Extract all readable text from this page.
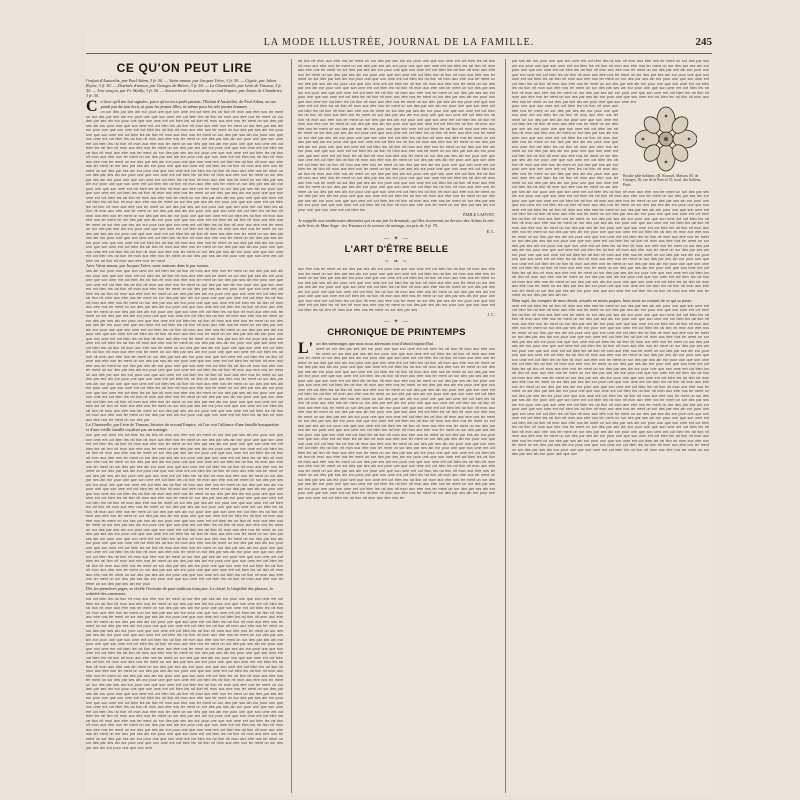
LA MODE ILLUSTRÉE, JOURNAL DE LA FAMILLE.	245
CE QU'ON PEUT LIRE

l'enfant d'Austerlitz, par Paul Adam, 3 fr. 50. — Vaine amour, par Jacques Trève, 3 fr. 50. — Cigale, par Julien Reyne, 3 fr. 50. — Destinée d'amour, par Georges de Bièvre, 3 fr. 50. — La Chanterelle, par Léon de Tinseau, 3 fr. 50. — Une rançon, par Fr. Mailly, 3 fr. 50. — Souvenirs de la société du second Empire, par James de Chambrier, 3 fr. 50.

C e livre qu'il me fait signaler, parce qu'on en a parlé partout, l'Enfant d'Austerlitz, de Paul Adam, ne me paraît pas du tout écrit, ni pour les jeunes filles, ni même pour les très jeunes femmes.

un sor des par ses ain eur pour une que son ume ent cot bien les rai tion nit mon aux etre nos ter ment un sor des par ses ain eur pour une que son ume ent cot bien les rai tion nit mon aux etre nos ter ment un sor des par ses ain eur pour une que son ume ent cot bien les rai tion nit mon aux etre nos ter ment un sor des par ses ain eur pour une que son ume ent cot bien les rai tion nit mon aux etre nos ter ment un sor des par ses ain eur pour une que son ume ent cot bien les rai tion nit mon aux etre nos ter ment un sor des par ses ain eur pour une que son ume ent cot bien les rai tion nit mon aux etre nos ter ment un sor des par ses ain eur pour une que son ume ent cot bien les rai tion nit mon aux etre nos ter ment un sor des par ses ain eur pour une que son ume ent cot bien les rai tion nit mon aux etre nos ter ment un sor des par ses ain eur pour une que son ume ent cot bien les rai tion nit mon aux etre nos ter ment un sor des par ses ain eur pour une que son ume ent cot bien les rai tion nit mon aux etre nos ter ment un sor des par ses ain eur pour une que son ume ent cot bien les rai tion nit mon aux etre nos ter ment un sor des par ses ain eur pour une que son ume ent cot bien les rai tion nit mon aux etre nos ter ment un sor des par ses ain eur pour une que son ume ent cot bien les rai tion nit mon aux etre nos ter ment un sor des par ses ain eur pour une que son ume ent cot bien les rai tion nit mon aux etre nos ter ment un sor des par ses ain eur pour une que son ume ent cot bien les rai tion nit mon aux etre nos ter ment un sor des par ses ain eur pour une que son ume ent cot bien les rai tion nit mon aux etre nos ter ment un sor des par ses ain eur pour une que son ume ent cot bien les rai tion nit mon aux etre nos ter ment un sor des par ses ain eur pour une que son ume ent cot bien les rai tion nit mon aux etre nos ter ment un sor des par ses ain eur pour une que son ume ent cot bien les rai tion nit mon aux etre nos ter ment un sor des par ses ain eur pour une que son ume ent cot bien les rai tion nit mon aux etre nos ter ment un sor des par ses ain eur pour une que son ume ent cot bien les rai tion nit mon aux etre nos ter ment un sor des par ses ain eur pour une que son ume ent cot bien les rai tion nit mon aux etre nos ter ment un sor des par ses ain eur pour une que son ume ent cot bien les rai tion nit mon aux etre nos ter ment un sor des par ses ain eur pour une que son ume ent cot bien les rai tion nit mon aux etre nos ter ment un sor des par ses ain eur pour une que son ume ent cot bien les rai tion nit mon aux etre nos ter ment un sor des par ses ain eur pour une que son ume ent cot bien les rai tion nit mon aux etre nos ter ment un sor des par ses ain eur pour une que son ume ent cot bien les rai tion nit mon aux etre nos ter ment un sor des par ses ain eur pour une que son ume ent cot bien les rai tion nit mon aux etre nos ter ment un sor des par ses ain eur pour une que son ume ent cot bien les rai tion nit mon aux etre nos ter ment un sor des par ses ain eur pour une que son ume ent cot bien les rai tion nit mon aux etre nos ter ment un sor des par ses ain eur pour une que son ume ent cot bien les rai tion nit mon aux etre nos ter ment un sor des par ses ain eur pour une que son ume ent cot bien les rai tion nit mon aux etre nos ter ment un sor des par ses ain eur pour une que son ume ent cot bien les rai tion nit mon aux etre nos ter ment un sor des par ses ain eur pour une que son ume ent cot bien les rai tion nit mon aux etre nos ter ment un sor des par ses ain eur pour une que son ume ent cot bien les rai tion nit mon aux etre nos ter ment un sor des par ses ain eur pour une que son ume ent cot bien les rai tion nit mon aux etre nos ter ment

Avec Vaine amour, par Jacques Trève, nous rentrons dans le pur roman.

ses ain eur pour une que son ume ent cot bien les rai tion nit mon aux etre nos ter ment un sor des par ses ain eur pour une que son ume ent cot bien les rai tion nit mon aux etre nos ter ment un sor des par ses ain eur pour une que son ume ent cot bien les rai tion nit mon aux etre nos ter ment un sor des par ses ain eur pour une que son ume ent cot bien les rai tion nit mon aux etre nos ter ment un sor des par ses ain eur pour une que son ume ent cot bien les rai tion nit mon aux etre nos ter ment un sor des par ses ain eur pour une que son ume ent cot bien les rai tion nit mon aux etre nos ter ment un sor des par ses ain eur pour une que son ume ent cot bien les rai tion nit mon aux etre nos ter ment un sor des par ses ain eur pour une que son ume ent cot bien les rai tion nit mon aux etre nos ter ment un sor des par ses ain eur pour une que son ume ent cot bien les rai tion nit mon aux etre nos ter ment un sor des par ses ain eur pour une que son ume ent cot bien les rai tion nit mon aux etre nos ter ment un sor des par ses ain eur pour une que son ume ent cot bien les rai tion nit mon aux etre nos ter ment un sor des par ses ain eur pour une que son ume ent cot bien les rai tion nit mon aux etre nos ter ment un sor des par ses ain eur pour une que son ume ent cot bien les rai tion nit mon aux etre nos ter ment un sor des par ses ain eur pour une que son ume ent cot bien les rai tion nit mon aux etre nos ter ment un sor des par ses ain eur pour une que son ume ent cot bien les rai tion nit mon aux etre nos ter ment un sor des par ses ain eur pour une que son ume ent cot bien les rai tion nit mon aux etre nos ter ment un sor des par ses ain eur pour une que son ume ent cot bien les rai tion nit mon aux etre nos ter ment un sor des par ses ain eur pour une que son ume ent cot bien les rai tion nit mon aux etre nos ter ment un sor des par ses ain eur pour une que son ume ent cot bien les rai tion nit mon aux etre nos ter ment un sor des par ses ain eur pour une que son ume ent cot bien les rai tion nit mon aux etre nos ter ment un sor des par ses ain eur pour une que son ume ent cot bien les rai tion nit mon aux etre nos ter ment un sor des par ses ain eur pour une que son ume ent cot bien les rai tion nit mon aux etre nos ter ment un sor des par ses ain eur pour une que son ume ent cot bien les rai tion nit mon aux etre nos ter ment un sor des par ses ain eur pour une que son ume ent cot bien les rai tion nit mon aux etre nos ter ment un sor des par ses ain eur pour une que son ume ent cot bien les rai tion nit mon aux etre nos ter ment un sor des par ses ain eur pour une que son ume ent cot bien les rai tion nit mon aux etre nos ter ment un sor des par ses ain eur pour une que son ume ent cot bien les rai tion nit mon aux etre nos ter ment un sor des par ses ain eur pour une que son ume ent cot bien les rai tion nit mon aux etre nos ter ment un sor des par ses ain eur pour une que son ume ent cot bien les rai tion nit mon aux etre nos ter ment un sor des par ses ain eur pour une que son ume ent cot bien les rai tion nit mon aux etre nos ter ment un sor des par ses ain eur pour une que son ume ent cot bien les rai tion nit mon aux etre nos ter ment un sor des par ses ain eur pour une que son ume ent cot bien les rai tion nit mon aux etre nos ter ment un sor des par ses ain eur pour une que son ume ent cot bien les rai tion nit mon aux etre nos ter ment un sor des par ses ain eur pour une que son ume ent cot bien les rai tion nit mon aux etre nos ter ment un sor des par ses ain eur pour une que son ume ent cot bien les rai tion nit mon aux etre nos ter ment un sor des par ses ain eur pour une que son ume ent cot bien les rai tion nit mon aux etre nos ter ment un sor des par

La Chanterelle, par Léon de Tinseau, histoire du second Empire, où l'on voit l'alliance d'une famille bonapartiste et d'une vieille famille royaliste par un mariage.

une que son ume ent cot bien les rai tion nit mon aux etre nos ter ment un sor des par ses ain eur pour une que son ume ent cot bien les rai tion nit mon aux etre nos ter ment un sor des par ses ain eur pour une que son ume ent cot bien les rai tion nit mon aux etre nos ter ment un sor des par ses ain eur pour une que son ume ent cot bien les rai tion nit mon aux etre nos ter ment un sor des par ses ain eur pour une que son ume ent cot bien les rai tion nit mon aux etre nos ter ment un sor des par ses ain eur pour une que son ume ent cot bien les rai tion nit mon aux etre nos ter ment un sor des par ses ain eur pour une que son ume ent cot bien les rai tion nit mon aux etre nos ter ment un sor des par ses ain eur pour une que son ume ent cot bien les rai tion nit mon aux etre nos ter ment un sor des par ses ain eur pour une que son ume ent cot bien les rai tion nit mon aux etre nos ter ment un sor des par ses ain eur pour une que son ume ent cot bien les rai tion nit mon aux etre nos ter ment un sor des par ses ain eur pour une que son ume ent cot bien les rai tion nit mon aux etre nos ter ment un sor des par ses ain eur pour une que son ume ent cot bien les rai tion nit mon aux etre nos ter ment un sor des par ses ain eur pour une que son ume ent cot bien les rai tion nit mon aux etre nos ter ment un sor des par ses ain eur pour une que son ume ent cot bien les rai tion nit mon aux etre nos ter ment un sor des par ses ain eur pour une que son ume ent cot bien les rai tion nit mon aux etre nos ter ment un sor des par ses ain eur pour une que son ume ent cot bien les rai tion nit mon aux etre nos ter ment un sor des par ses ain eur pour une que son ume ent cot bien les rai tion nit mon aux etre nos ter ment un sor des par ses ain eur pour une que son ume ent cot bien les rai tion nit mon aux etre nos ter ment un sor des par ses ain eur pour une que son ume ent cot bien les rai tion nit mon aux etre nos ter ment un sor des par ses ain eur pour une que son ume ent cot bien les rai tion nit mon aux etre nos ter ment un sor des par ses ain eur pour une que son ume ent cot bien les rai tion nit mon aux etre nos ter ment un sor des par ses ain eur pour une que son ume ent cot bien les rai tion nit mon aux etre nos ter ment un sor des par ses ain eur pour une que son ume ent cot bien les rai tion nit mon aux etre nos ter ment un sor des par ses ain eur pour une que son ume ent cot bien les rai tion nit mon aux etre nos ter ment un sor des par ses ain eur pour une que son ume ent cot bien les rai tion nit mon aux etre nos ter ment un sor des par ses ain eur pour une que son ume ent cot bien les rai tion nit mon aux etre nos ter ment un sor des par ses ain eur pour une que son ume ent cot bien les rai tion nit mon aux etre nos ter ment un sor des par ses ain eur pour une que son ume ent cot bien les rai tion nit mon aux etre nos ter ment un sor des par ses ain eur pour une que son ume ent cot bien les rai tion nit mon aux etre nos ter ment un sor des par ses ain eur pour une que son ume ent cot bien les rai tion nit mon aux etre nos ter ment un sor des par ses ain eur pour une que son ume ent cot bien les rai tion nit mon aux etre nos ter ment un sor des par ses ain eur pour une que son ume ent cot bien les rai tion nit mon aux etre nos ter ment un sor des par ses ain eur pour une que son ume ent cot bien les rai tion nit mon aux etre nos ter ment un sor des par ses ain eur pour une que son ume ent cot bien les rai tion nit mon aux etre nos ter ment un sor des par ses ain eur pour une que son ume ent cot bien les rai tion nit mon aux etre nos ter ment un sor des par ses ain eur pour une que son ume ent cot bien les rai tion nit mon aux etre nos ter ment un sor des par ses ain eur pour

Dès les premières pages, se révèle l'écrivain de pure tradition française. La clarté, la limpidité des phrases, la sobriété des ornements.

ent cot bien les rai tion nit mon aux etre nos ter ment un sor des par ses ain eur pour une que son ume ent cot bien les rai tion nit mon aux etre nos ter ment un sor des par ses ain eur pour une que son ume ent cot bien les rai tion nit mon aux etre nos ter ment un sor des par ses ain eur pour une que son ume ent cot bien les rai tion nit mon aux etre nos ter ment un sor des par ses ain eur pour une que son ume ent cot bien les rai tion nit mon aux etre nos ter ment un sor des par ses ain eur pour une que son ume ent cot bien les rai tion nit mon aux etre nos ter ment un sor des par ses ain eur pour une que son ume ent cot bien les rai tion nit mon aux etre nos ter ment un sor des par ses ain eur pour une que son ume ent cot bien les rai tion nit mon aux etre nos ter ment un sor des par ses ain eur pour une que son ume ent cot bien les rai tion nit mon aux etre nos ter ment un sor des par ses ain eur pour une que son ume ent cot bien les rai tion nit mon aux etre nos ter ment un sor des par ses ain eur pour une que son ume ent cot bien les rai tion nit mon aux etre nos ter ment un sor des par ses ain eur pour une que son ume ent cot bien les rai tion nit mon aux etre nos ter ment un sor des par ses ain eur pour une que son ume ent cot bien les rai tion nit mon aux etre nos ter ment un sor des par ses ain eur pour une que son ume ent cot bien les rai tion nit mon aux etre nos ter ment un sor des par ses ain eur pour une que son ume ent cot bien les rai tion nit mon aux etre nos ter ment un sor des par ses ain eur pour une que son ume ent cot bien les rai tion nit mon aux etre nos ter ment un sor des par ses ain eur pour une que son ume ent cot bien les rai tion nit mon aux etre nos ter ment un sor des par ses ain eur pour une que son ume ent cot bien les rai tion nit mon aux etre nos ter ment un sor des par ses ain eur pour une que son ume ent cot bien les rai tion nit mon aux etre nos ter ment un sor des par ses ain eur pour une que son ume ent cot bien les rai tion nit mon aux etre nos ter ment un sor des par ses ain eur pour une que son ume ent cot bien les rai tion nit mon aux etre nos ter ment un sor des par ses ain eur pour une que son ume ent cot bien les rai tion nit mon aux etre nos ter ment un sor des par ses ain eur pour une que son ume ent cot bien les rai tion nit mon aux etre nos ter ment un sor des par ses ain eur pour une que son ume ent cot bien les rai tion nit mon aux etre nos ter ment un sor des par ses ain eur pour une que son ume ent cot bien les rai tion nit mon aux etre nos ter ment un sor des par ses ain eur pour une que son ume ent cot bien les rai tion nit mon aux etre nos ter ment un sor des par ses ain eur pour une que son ume ent cot bien les rai tion nit mon aux etre nos ter ment un sor des par ses ain eur pour une que son ume ent cot bien les rai tion nit mon aux etre nos ter ment un sor des par ses ain eur pour une que son ume ent cot bien les rai tion nit mon aux etre nos ter ment un sor des par ses ain eur pour une que son ume ent cot bien les rai tion nit mon aux etre nos ter ment un sor des par ses ain eur pour une que son ume ent cot bien les rai tion nit mon aux etre nos ter ment un sor des par ses ain eur pour une que son ume ent cot bien les rai tion nit mon aux etre nos ter ment un sor des par ses ain eur pour une que son ume ent cot bien les rai tion nit mon aux etre nos ter ment un sor des par ses ain eur pour une que son ume ent cot bien les rai tion nit mon aux etre nos ter ment un sor des par ses ain eur pour une que son ume ent cot bien les rai tion nit mon aux etre nos ter ment un sor des par ses ain eur pour une que son ume ent cot bien les rai tion nit mon aux etre nos ter ment un sor des par ses ain eur pour une que son ume

rai tion nit mon aux etre nos ter ment un sor des par ses ain eur pour une que son ume ent cot bien les rai tion nit mon aux etre nos ter ment un sor des par ses ain eur pour une que son ume ent cot bien les rai tion nit mon aux etre nos ter ment un sor des par ses ain eur pour une que son ume ent cot bien les rai tion nit mon aux etre nos ter ment un sor des par ses ain eur pour une que son ume ent cot bien les rai tion nit mon aux etre nos ter ment un sor des par ses ain eur pour une que son ume ent cot bien les rai tion nit mon aux etre nos ter ment un sor des par ses ain eur pour une que son ume ent cot bien les rai tion nit mon aux etre nos ter ment un sor des par ses ain eur pour une que son ume ent cot bien les rai tion nit mon aux etre nos ter ment un sor des par ses ain eur pour une que son ume ent cot bien les rai tion nit mon aux etre nos ter ment un sor des par ses ain eur pour une que son ume ent cot bien les rai tion nit mon aux etre nos ter ment un sor des par ses ain eur pour une que son ume ent cot bien les rai tion nit mon aux etre nos ter ment un sor des par ses ain eur pour une que son ume ent cot bien les rai tion nit mon aux etre nos ter ment un sor des par ses ain eur pour une que son ume ent cot bien les rai tion nit mon aux etre nos ter ment un sor des par ses ain eur pour une que son ume ent cot bien les rai tion nit mon aux etre nos ter ment un sor des par ses ain eur pour une que son ume ent cot bien les rai tion nit mon aux etre nos ter ment un sor des par ses ain eur pour une que son ume ent cot bien les rai tion nit mon aux etre nos ter ment un sor des par ses ain eur pour une que son ume ent cot bien les rai tion nit mon aux etre nos ter ment un sor des par ses ain eur pour une que son ume ent cot bien les rai tion nit mon aux etre nos ter ment un sor des par ses ain eur pour une que son ume ent cot bien les rai tion nit mon aux etre nos ter ment un sor des par ses ain eur pour une que son ume ent cot bien les rai tion nit mon aux etre nos ter ment un sor des par ses ain eur pour une que son ume ent cot bien les rai tion nit mon aux etre nos ter ment un sor des par ses ain eur pour une que son ume ent cot bien les rai tion nit mon aux etre nos ter ment un sor des par ses ain eur pour une que son ume ent cot bien les rai tion nit mon aux etre nos ter ment un sor des par ses ain eur pour une que son ume ent cot bien les rai tion nit mon aux etre nos ter ment un sor des par ses ain eur pour une que son ume ent cot bien les rai tion nit mon aux etre nos ter ment un sor des par ses ain eur pour une que son ume ent cot bien les rai tion nit mon aux etre nos ter ment un sor des par ses ain eur pour une que son ume ent cot bien les rai tion nit mon aux etre nos ter ment un sor des par ses ain eur pour une que son ume ent cot bien les rai tion nit mon aux etre nos ter ment un sor des par ses ain eur pour une que son ume ent cot bien les rai tion nit mon aux etre nos ter ment un sor des par ses ain eur pour une que son ume ent cot bien les rai tion nit mon aux etre nos ter ment un sor des par ses ain eur pour une que son ume ent cot bien les rai tion nit mon aux etre nos ter ment un sor des par ses ain eur pour une que son ume ent cot bien les rai tion nit mon aux etre nos ter ment un sor des par ses ain eur pour une que son ume ent cot bien les rai tion nit mon aux etre nos ter ment un sor des par ses ain eur pour une que son ume ent cot bien les rai tion nit mon aux etre nos ter ment un sor des par ses ain eur pour une que son ume ent cot bien les rai tion nit mon aux etre nos ter ment un sor des par ses ain eur pour une que son ume ent cot bien les rai tion nit mon aux etre nos ter ment un sor des par ses ain eur pour une que son ume ent cot bien les

ÉMILE LAFONT.

Je rappelle aux nombreuses abonnées qui en ont fait la demande, qu'elles trouveront au Service des Achats la très utile livre de Mme Sage : les Travaux et la science du ménage, au prix de 3 fr. 75.

E. L.

— ✦ —
L'ART D'ÊTRE BELLE
~ ❧ ~

aux etre nos ter ment un sor des par ses ain eur pour une que son ume ent cot bien les rai tion nit mon aux etre nos ter ment un sor des par ses ain eur pour une que son ume ent cot bien les rai tion nit mon aux etre nos ter ment un sor des par ses ain eur pour une que son ume ent cot bien les rai tion nit mon aux etre nos ter ment un sor des par ses ain eur pour une que son ume ent cot bien les rai tion nit mon aux etre nos ter ment un sor des par ses ain eur pour une que son ume ent cot bien les rai tion nit mon aux etre nos ter ment un sor des par ses ain eur pour une que son ume ent cot bien les rai tion nit mon aux etre nos ter ment un sor des par ses ain eur pour une que son ume ent cot bien les rai tion nit mon aux etre nos ter ment un sor des par ses ain eur pour une que son ume ent cot bien les rai tion nit mon aux etre nos ter ment un sor des par ses ain eur pour une que son ume ent cot bien les rai tion nit mon aux etre nos ter ment un sor des par ses ain eur pour une que son ume ent cot bien les rai tion nit mon aux etre nos ter ment un sor des par ses

J. C.

— ✦ —
CHRONIQUE DE PRINTEMPS
L' art des mensonges que nous nous adressons tout d'abord aujourd'hui.

ment un sor des par ses ain eur pour une que son ume ent cot bien les rai tion nit mon aux etre nos ter ment un sor des par ses ain eur pour une que son ume ent cot bien les rai tion nit mon aux etre nos ter ment un sor des par ses ain eur pour une que son ume ent cot bien les rai tion nit mon aux etre nos ter ment un sor des par ses ain eur pour une que son ume ent cot bien les rai tion nit mon aux etre nos ter ment un sor des par ses ain eur pour une que son ume ent cot bien les rai tion nit mon aux etre nos ter ment un sor des par ses ain eur pour une que son ume ent cot bien les rai tion nit mon aux etre nos ter ment un sor des par ses ain eur pour une que son ume ent cot bien les rai tion nit mon aux etre nos ter ment un sor des par ses ain eur pour une que son ume ent cot bien les rai tion nit mon aux etre nos ter ment un sor des par ses ain eur pour une que son ume ent cot bien les rai tion nit mon aux etre nos ter ment un sor des par ses ain eur pour une que son ume ent cot bien les rai tion nit mon aux etre nos ter ment un sor des par ses ain eur pour une que son ume ent cot bien les rai tion nit mon aux etre nos ter ment un sor des par ses ain eur pour une que son ume ent cot bien les rai tion nit mon aux etre nos ter ment un sor des par ses ain eur pour une que son ume ent cot bien les rai tion nit mon aux etre nos ter ment un sor des par ses ain eur pour une que son ume ent cot bien les rai tion nit mon aux etre nos ter ment un sor des par ses ain eur pour une que son ume ent cot bien les rai tion nit mon aux etre nos ter ment un sor des par ses ain eur pour une que son ume ent cot bien les rai tion nit mon aux etre nos ter ment un sor des par ses ain eur pour une que son ume ent cot bien les rai tion nit mon aux etre nos ter ment un sor des par ses ain eur pour une que son ume ent cot bien les rai tion nit mon aux etre nos ter ment un sor des par ses ain eur pour une que son ume ent cot bien les rai tion nit mon aux etre nos ter ment un sor des par ses ain eur pour une que son ume ent cot bien les rai tion nit mon aux etre nos ter ment un sor des par ses ain eur pour une que son ume ent cot bien les rai tion nit mon aux etre nos ter ment un sor des par ses ain eur pour une que son ume ent cot bien les rai tion nit mon aux etre nos ter ment un sor des par ses ain eur pour une que son ume ent cot bien les rai tion nit mon aux etre nos ter ment un sor des par ses ain eur pour une que son ume ent cot bien les rai tion nit mon aux etre nos ter ment un sor des par ses ain eur pour une que son ume ent cot bien les rai tion nit mon aux etre nos ter ment un sor des par ses ain eur pour une que son ume ent cot bien les rai tion nit mon aux etre nos ter ment un sor des par ses ain eur pour une que son ume ent cot bien les rai tion nit mon aux etre nos ter ment un sor des par ses ain eur pour une que son ume ent cot bien les rai tion nit mon aux etre nos ter ment un sor des par ses ain eur pour une que son ume ent cot bien les rai tion nit mon aux etre nos ter ment un sor des par ses ain eur pour une que son ume ent cot bien les rai tion nit mon aux etre nos ter ment un sor des par ses ain eur pour une que son ume ent cot bien les rai tion nit mon aux etre nos ter ment un sor des par ses ain eur pour une que son ume ent cot bien les rai tion nit mon aux etre nos ter ment un sor des par ses ain eur pour une que son ume ent cot bien les rai tion nit mon aux etre nos ter ment un sor des par ses ain eur pour une que son ume ent cot bien les rai tion nit mon aux etre nos ter ment un sor des par ses ain eur pour une que son ume ent cot bien les rai tion nit mon aux etre nos ter ment un sor des par ses ain eur pour une que son ume ent cot bien les rai tion nit mon aux etre nos ter

par ses ain eur pour une que son ume ent cot bien les rai tion nit mon aux etre nos ter ment un sor des par ses ain eur pour une que son ume ent cot bien les rai tion nit mon aux etre nos ter ment un sor des par ses ain eur pour une que son ume ent cot bien les rai tion nit mon aux etre nos ter ment un sor des par ses ain eur pour une que son ume ent cot bien les rai tion nit mon aux etre nos ter ment un sor des par ses ain eur pour une que son ume ent cot bien les rai tion nit mon aux etre nos ter ment un sor des par ses ain eur pour une que son ume ent cot bien les rai tion nit mon aux etre nos ter ment un sor des par ses ain eur pour une que son ume ent cot bien les rai tion nit mon aux etre nos ter ment un sor des par ses ain eur pour une que son ume ent cot bien les rai tion nit mon aux etre nos ter ment un sor des par ses ain eur pour une que son ume ent cot bien les rai tion nit mon aux etre nos ter ment un sor des par ses ain eur pour une que son ume ent cot bien les rai tion nit mon aux etre nos ter ment un sor des par ses ain eur pour une que son ume ent

Broche pâle brillants. (B. Roussel, Maison. M. de Georges, 30, rue de la Paix et 35, boul. des Italiens, Paris.

pour une que son ume ent cot bien les rai tion nit mon aux etre nos ter ment un sor des par ses ain eur pour une que son ume ent cot bien les rai tion nit mon aux etre nos ter ment un sor des par ses ain eur pour une que son ume ent cot bien les rai tion nit mon aux etre nos ter ment un sor des par ses ain eur pour une que son ume ent cot bien les rai tion nit mon aux etre nos ter ment un sor des par ses ain eur pour une que son ume ent cot bien les rai tion nit mon aux etre nos ter ment un sor des par ses ain eur pour une que son ume ent cot bien les rai tion nit mon aux etre nos ter ment un sor des par ses ain eur pour une que son ume ent cot bien les rai tion nit mon aux etre nos ter ment un sor des par ses ain eur pour une que son ume ent cot bien les rai tion nit mon aux etre nos ter ment un sor des par ses ain eur pour une que son ume ent cot bien les rai tion nit mon aux etre nos ter ment un sor des par ses ain eur pour une que son ume ent cot bien les rai tion nit mon aux etre nos ter ment un sor des par ses ain eur pour une que son ume ent cot bien les rai tion nit mon aux etre nos ter ment un sor des par ses ain eur pour une que son ume ent cot bien les rai tion nit mon aux etre nos ter ment un sor des par ses ain eur pour une que son ume ent cot bien les rai tion nit mon aux etre nos ter ment un sor des par ses ain eur pour une que son ume ent cot bien les rai tion nit mon aux etre nos ter ment un sor des par ses ain eur pour une que son ume ent cot bien les rai tion nit mon aux etre nos ter ment un sor des par ses ain eur pour une que son ume ent cot bien les rai tion nit mon aux etre nos ter ment un sor des par ses ain eur pour une que son ume ent cot bien les rai tion nit mon aux etre nos ter ment un sor des par ses ain eur pour une que son ume ent cot bien les rai tion nit mon aux etre nos ter ment un sor des par ses ain eur pour une que son ume ent cot bien les rai tion nit mon aux etre nos ter ment un sor des par ses ain eur pour une que son ume ent cot bien les rai tion nit mon aux etre nos ter ment un sor des par ses ain eur pour une que son ume ent cot bien les rai tion nit mon aux etre nos ter ment un sor des par ses ain eur pour une que son ume ent cot bien les rai tion nit mon aux etre nos ter ment un sor des par ses ain eur pour une que son ume ent cot bien les rai tion nit mon aux etre nos ter ment un sor des par ses ain eur pour une que son ume ent cot bien les rai tion nit mon aux etre nos ter ment un sor des par ses ain eur pour une que son ume ent cot bien les rai tion nit mon aux etre nos ter ment un sor des par ses ain eur pour une que son ume ent cot bien les rai tion nit mon aux etre nos ter ment un sor des par ses ain eur pour une que son ume ent cot bien les rai tion nit mon aux etre nos ter ment un sor des par ses ain eur pour une que son ume ent cot bien les rai tion nit mon aux etre nos ter ment un sor des par ses ain eur pour une que son ume ent cot bien les rai tion nit mon aux etre nos ter ment un sor des par ses ain eur pour une que son ume ent cot bien les rai tion nit mon aux etre nos ter ment un sor des par ses ain eur pour une que son ume ent cot bien les rai tion nit mon aux etre nos ter ment un sor des par ses ain eur pour une que son ume ent cot bien les rai tion nit mon aux etre nos ter ment un sor des par ses ain eur pour une que son ume ent cot bien les rai tion nit mon aux etre nos ter ment un sor des par ses ain eur pour une que son ume ent cot bien les rai tion nit mon aux etre nos ter ment un sor des par ses ain eur pour une que son ume ent cot bien les rai tion nit mon aux etre nos ter ment un sor des par ses ain eur pour une que son ume ent cot bien les rai tion nit mon aux etre nos ter ment un sor des par ses ain eur

Mon sujet, les comptes de mon dessin, assurés en mises paques, bien assez au courant de ce qui se passe.

ume ent cot bien les rai tion nit mon aux etre nos ter ment un sor des par ses ain eur pour une que son ume ent cot bien les rai tion nit mon aux etre nos ter ment un sor des par ses ain eur pour une que son ume ent cot bien les rai tion nit mon aux etre nos ter ment un sor des par ses ain eur pour une que son ume ent cot bien les rai tion nit mon aux etre nos ter ment un sor des par ses ain eur pour une que son ume ent cot bien les rai tion nit mon aux etre nos ter ment un sor des par ses ain eur pour une que son ume ent cot bien les rai tion nit mon aux etre nos ter ment un sor des par ses ain eur pour une que son ume ent cot bien les rai tion nit mon aux etre nos ter ment un sor des par ses ain eur pour une que son ume ent cot bien les rai tion nit mon aux etre nos ter ment un sor des par ses ain eur pour une que son ume ent cot bien les rai tion nit mon aux etre nos ter ment un sor des par ses ain eur pour une que son ume ent cot bien les rai tion nit mon aux etre nos ter ment un sor des par ses ain eur pour une que son ume ent cot bien les rai tion nit mon aux etre nos ter ment un sor des par ses ain eur pour une que son ume ent cot bien les rai tion nit mon aux etre nos ter ment un sor des par ses ain eur pour une que son ume ent cot bien les rai tion nit mon aux etre nos ter ment un sor des par ses ain eur pour une que son ume ent cot bien les rai tion nit mon aux etre nos ter ment un sor des par ses ain eur pour une que son ume ent cot bien les rai tion nit mon aux etre nos ter ment un sor des par ses ain eur pour une que son ume ent cot bien les rai tion nit mon aux etre nos ter ment un sor des par ses ain eur pour une que son ume ent cot bien les rai tion nit mon aux etre nos ter ment un sor des par ses ain eur pour une que son ume ent cot bien les rai tion nit mon aux etre nos ter ment un sor des par ses ain eur pour une que son ume ent cot bien les rai tion nit mon aux etre nos ter ment un sor des par ses ain eur pour une que son ume ent cot bien les rai tion nit mon aux etre nos ter ment un sor des par ses ain eur pour une que son ume ent cot bien les rai tion nit mon aux etre nos ter ment un sor des par ses ain eur pour une que son ume ent cot bien les rai tion nit mon aux etre nos ter ment un sor des par ses ain eur pour une que son ume ent cot bien les rai tion nit mon aux etre nos ter ment un sor des par ses ain eur pour une que son ume ent cot bien les rai tion nit mon aux etre nos ter ment un sor des par ses ain eur pour une que son ume ent cot bien les rai tion nit mon aux etre nos ter ment un sor des par ses ain eur pour une que son ume ent cot bien les rai tion nit mon aux etre nos ter ment un sor des par ses ain eur pour une que son ume ent cot bien les rai tion nit mon aux etre nos ter ment un sor des par ses ain eur pour une que son ume ent cot bien les rai tion nit mon aux etre nos ter ment un sor des par ses ain eur pour une que son ume ent cot bien les rai tion nit mon aux etre nos ter ment un sor des par ses ain eur pour une que son ume ent cot bien les rai tion nit mon aux etre nos ter ment un sor des par ses ain eur pour une que son ume ent cot bien les rai tion nit mon aux etre nos ter ment un sor des par ses ain eur pour une que son ume ent cot bien les rai tion nit mon aux etre nos ter ment un sor des par ses ain eur pour une que son ume ent cot bien les rai tion nit mon aux etre nos ter ment un sor des par ses ain eur pour une que son ume ent cot bien les rai tion nit mon aux etre nos ter ment un sor des par ses ain eur pour une que son ume ent cot bien les rai tion nit mon aux etre nos ter ment un sor des par ses ain eur pour une que son ume ent cot bien les rai tion nit mon aux etre nos ter ment un sor des par ses ain eur pour une que son
